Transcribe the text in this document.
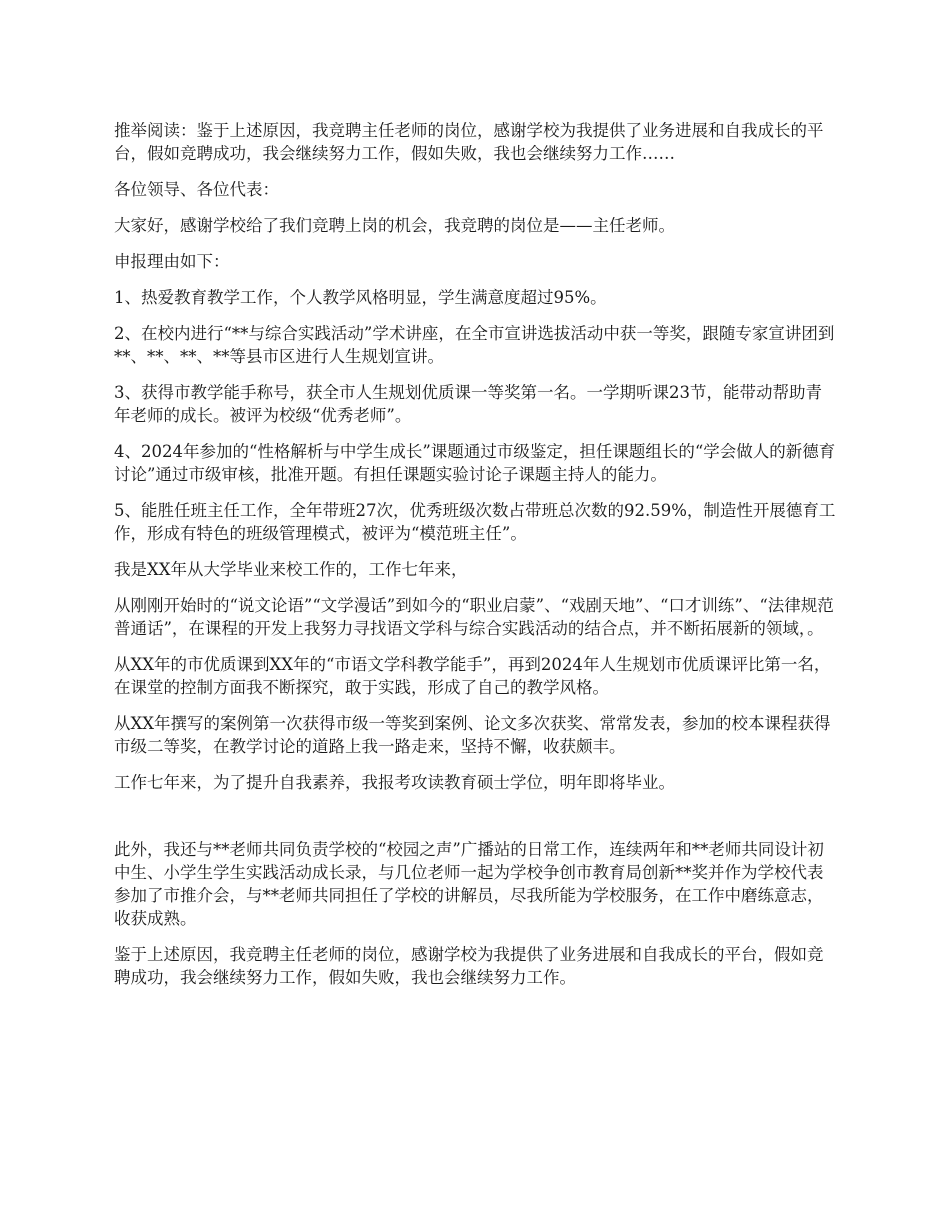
推举阅读：鉴于上述原因，我竞聘主任老师的岗位，感谢学校为我提供了业务进展和自我成长的平台，假如竞聘成功，我会继续努力工作，假如失败，我也会继续努力工作……

各位领导、各位代表：

大家好，感谢学校给了我们竞聘上岗的机会，我竞聘的岗位是——主任老师。

申报理由如下：

1、热爱教育教学工作，个人教学风格明显，学生满意度超过95%。

2、在校内进行“**与综合实践活动”学术讲座，在全市宣讲选拔活动中获一等奖，跟随专家宣讲团到**、**、**、**等县市区进行人生规划宣讲。

3、获得市教学能手称号，获全市人生规划优质课一等奖第一名。一学期听课23节，能带动帮助青年老师的成长。被评为校级“优秀老师”。

4、2024年参加的“性格解析与中学生成长”课题通过市级鉴定，担任课题组长的“学会做人的新德育讨论”通过市级审核，批准开题。有担任课题实验讨论子课题主持人的能力。

5、能胜任班主任工作，全年带班27次，优秀班级次数占带班总次数的92.59%，制造性开展德育工作，形成有特色的班级管理模式，被评为“模范班主任”。

我是XX年从大学毕业来校工作的，工作七年来，

从刚刚开始时的“说文论语”“文学漫话”到如今的“职业启蒙”、“戏剧天地”、“口才训练”、“法律规范普通话”，在课程的开发上我努力寻找语文学科与综合实践活动的结合点，并不断拓展新的领域，。

从XX年的市优质课到XX年的“市语文学科教学能手”，再到2024年人生规划市优质课评比第一名，在课堂的控制方面我不断探究，敢于实践，形成了自己的教学风格。

从XX年撰写的案例第一次获得市级一等奖到案例、论文多次获奖、常常发表，参加的校本课程获得市级二等奖，在教学讨论的道路上我一路走来，坚持不懈，收获颇丰。

工作七年来，为了提升自我素养，我报考攻读教育硕士学位，明年即将毕业。

此外，我还与**老师共同负责学校的“校园之声”广播站的日常工作，连续两年和**老师共同设计初中生、小学生学生实践活动成长录，与几位老师一起为学校争创市教育局创新**奖并作为学校代表参加了市推介会，与**老师共同担任了学校的讲解员，尽我所能为学校服务，在工作中磨练意志，收获成熟。

鉴于上述原因，我竞聘主任老师的岗位，感谢学校为我提供了业务进展和自我成长的平台，假如竞聘成功，我会继续努力工作，假如失败，我也会继续努力工作。
